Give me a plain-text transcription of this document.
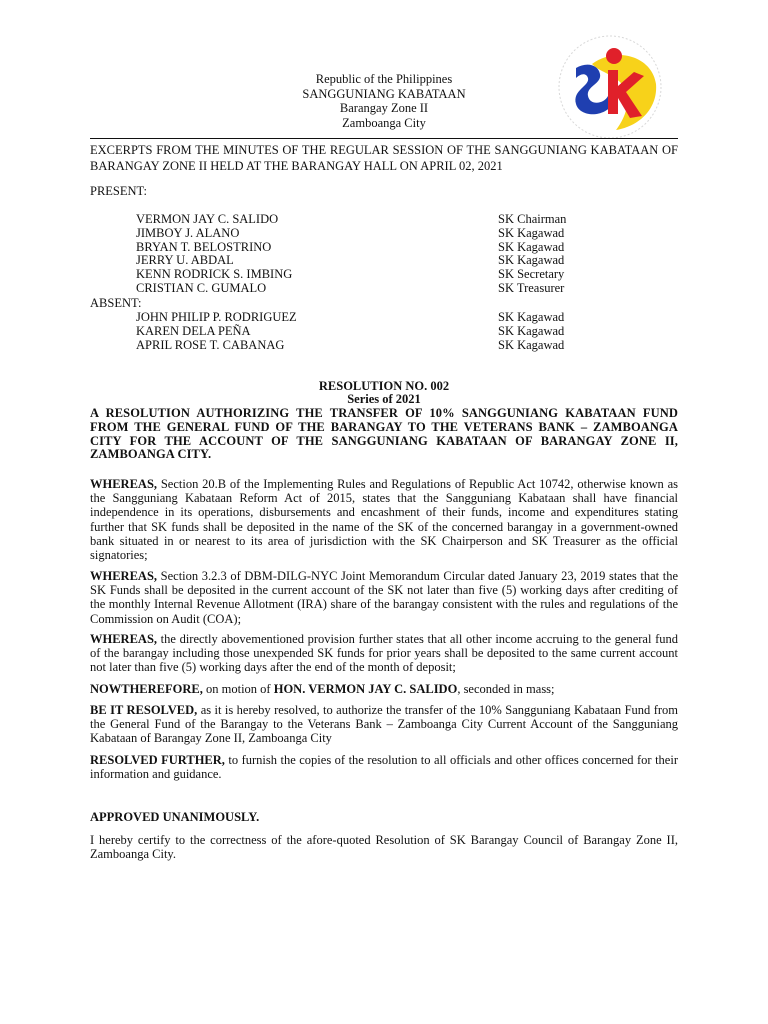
Republic of the Philippines
SANGGUNIANG KABATAAN
Barangay Zone II
Zamboanga City
EXCERPTS FROM THE MINUTES OF THE REGULAR SESSION OF THE SANGGUNIANG KABATAAN OF BARANGAY ZONE II HELD AT THE BARANGAY HALL ON APRIL 02, 2021
PRESENT:
VERMON JAY C. SALIDO	SK Chairman
JIMBOY J. ALANO	SK Kagawad
BRYAN T. BELOSTRINO	SK Kagawad
JERRY U. ABDAL	SK Kagawad
KENN RODRICK S. IMBING	SK Secretary
CRISTIAN C. GUMALO	SK Treasurer
ABSENT:
JOHN PHILIP P. RODRIGUEZ	SK Kagawad
KAREN DELA PEÑA	SK Kagawad
APRIL ROSE T. CABANAG	SK Kagawad
RESOLUTION NO. 002
Series of 2021
A RESOLUTION AUTHORIZING THE TRANSFER OF 10% SANGGUNIANG KABATAAN FUND FROM THE GENERAL FUND OF THE BARANGAY TO THE VETERANS BANK – ZAMBOANGA CITY FOR THE ACCOUNT OF THE SANGGUNIANG KABATAAN OF BARANGAY ZONE II, ZAMBOANGA CITY.

WHEREAS, Section 20.B of the Implementing Rules and Regulations of Republic Act 10742, otherwise known as the Sangguniang Kabataan Reform Act of 2015, states that the Sangguniang Kabataan shall have financial independence in its operations, disbursements and encashment of their funds, income and expenditures stating further that SK funds shall be deposited in the name of the SK of the concerned barangay in a government-owned bank situated in or nearest to its area of jurisdiction with the SK Chairperson and SK Treasurer as the official signatories;

WHEREAS, Section 3.2.3 of DBM-DILG-NYC Joint Memorandum Circular dated January 23, 2019 states that the SK Funds shall be deposited in the current account of the SK not later than five (5) working days after crediting of the monthly Internal Revenue Allotment (IRA) share of the barangay consistent with the rules and regulations of the Commission on Audit (COA);

WHEREAS, the directly abovementioned provision further states that all other income accruing to the general fund of the barangay including those unexpended SK funds for prior years shall be deposited to the same current account not later than five (5) working days after the end of the month of deposit;

NOWTHEREFORE, on motion of HON. VERMON JAY C. SALIDO, seconded in mass;

BE IT RESOLVED, as it is hereby resolved, to authorize the transfer of the 10% Sangguniang Kabataan Fund from the General Fund of the Barangay to the Veterans Bank – Zamboanga City Current Account of the Sangguniang Kabataan of Barangay Zone II, Zamboanga City

RESOLVED FURTHER, to furnish the copies of the resolution to all officials and other offices concerned for their information and guidance.

APPROVED UNANIMOUSLY.

I hereby certify to the correctness of the afore-quoted Resolution of SK Barangay Council of Barangay Zone II, Zamboanga City.
